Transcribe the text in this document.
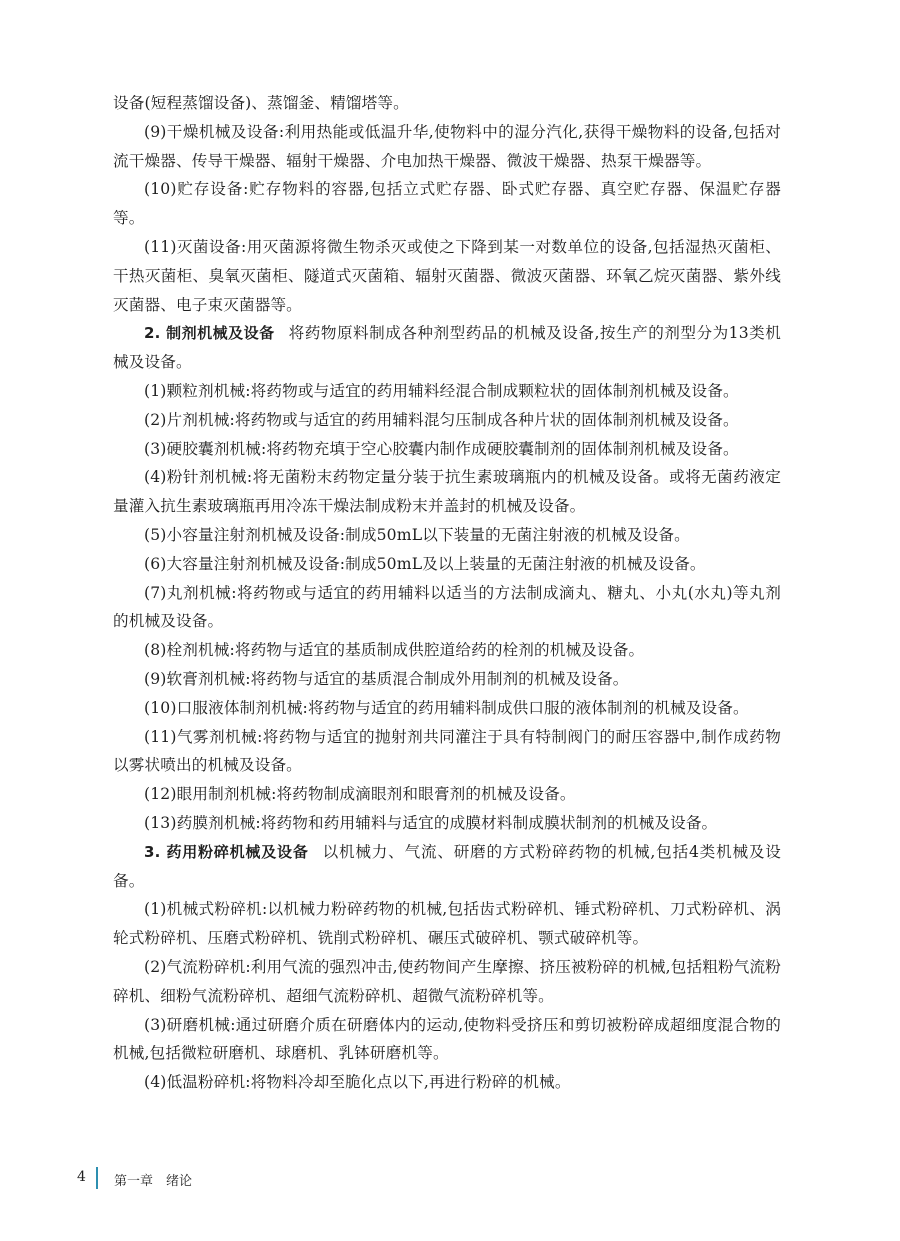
设备(短程蒸馏设备)、蒸馏釜、精馏塔等。

(9)干燥机械及设备:利用热能或低温升华,使物料中的湿分汽化,获得干燥物料的设备,包括对流干燥器、传导干燥器、辐射干燥器、介电加热干燥器、微波干燥器、热泵干燥器等。

(10)贮存设备:贮存物料的容器,包括立式贮存器、卧式贮存器、真空贮存器、保温贮存器等。

(11)灭菌设备:用灭菌源将微生物杀灭或使之下降到某一对数单位的设备,包括湿热灭菌柜、干热灭菌柜、臭氧灭菌柜、隧道式灭菌箱、辐射灭菌器、微波灭菌器、环氧乙烷灭菌器、紫外线灭菌器、电子束灭菌器等。

2. 制剂机械及设备 将药物原料制成各种剂型药品的机械及设备,按生产的剂型分为13类机械及设备。

(1)颗粒剂机械:将药物或与适宜的药用辅料经混合制成颗粒状的固体制剂机械及设备。

(2)片剂机械:将药物或与适宜的药用辅料混匀压制成各种片状的固体制剂机械及设备。

(3)硬胶囊剂机械:将药物充填于空心胶囊内制作成硬胶囊制剂的固体制剂机械及设备。

(4)粉针剂机械:将无菌粉末药物定量分装于抗生素玻璃瓶内的机械及设备。或将无菌药液定量灌入抗生素玻璃瓶再用冷冻干燥法制成粉末并盖封的机械及设备。

(5)小容量注射剂机械及设备:制成50mL以下装量的无菌注射液的机械及设备。

(6)大容量注射剂机械及设备:制成50mL及以上装量的无菌注射液的机械及设备。

(7)丸剂机械:将药物或与适宜的药用辅料以适当的方法制成滴丸、糖丸、小丸(水丸)等丸剂的机械及设备。

(8)栓剂机械:将药物与适宜的基质制成供腔道给药的栓剂的机械及设备。

(9)软膏剂机械:将药物与适宜的基质混合制成外用制剂的机械及设备。

(10)口服液体制剂机械:将药物与适宜的药用辅料制成供口服的液体制剂的机械及设备。

(11)气雾剂机械:将药物与适宜的抛射剂共同灌注于具有特制阀门的耐压容器中,制作成药物以雾状喷出的机械及设备。

(12)眼用制剂机械:将药物制成滴眼剂和眼膏剂的机械及设备。

(13)药膜剂机械:将药物和药用辅料与适宜的成膜材料制成膜状制剂的机械及设备。

3. 药用粉碎机械及设备 以机械力、气流、研磨的方式粉碎药物的机械,包括4类机械及设备。

(1)机械式粉碎机:以机械力粉碎药物的机械,包括齿式粉碎机、锤式粉碎机、刀式粉碎机、涡轮式粉碎机、压磨式粉碎机、铣削式粉碎机、碾压式破碎机、颚式破碎机等。

(2)气流粉碎机:利用气流的强烈冲击,使药物间产生摩擦、挤压被粉碎的机械,包括粗粉气流粉碎机、细粉气流粉碎机、超细气流粉碎机、超微气流粉碎机等。

(3)研磨机械:通过研磨介质在研磨体内的运动,使物料受挤压和剪切被粉碎成超细度混合物的机械,包括微粒研磨机、球磨机、乳钵研磨机等。

(4)低温粉碎机:将物料冷却至脆化点以下,再进行粉碎的机械。

4 第一章　绪论
